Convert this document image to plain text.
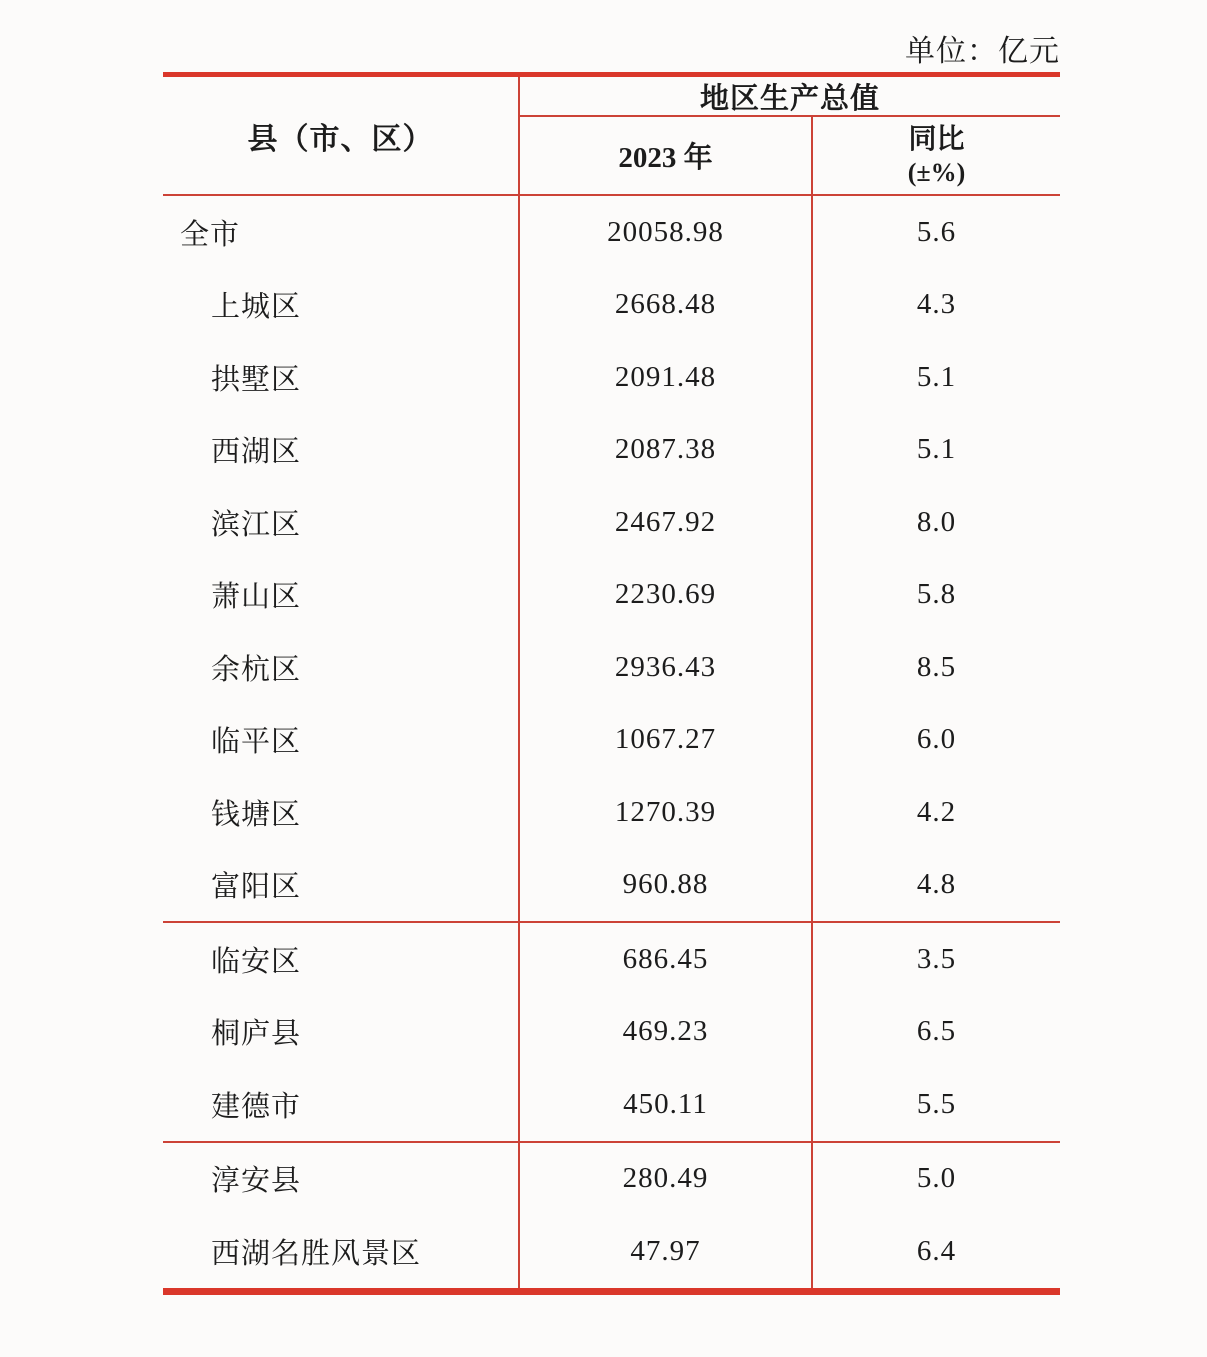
单位：亿元
县（市、区）
地区生产总值
2023 年
同比
(±%)
全市	20058.98	5.6
上城区	2668.48	4.3
拱墅区	2091.48	5.1
西湖区	2087.38	5.1
滨江区	2467.92	8.0
萧山区	2230.69	5.8
余杭区	2936.43	8.5
临平区	1067.27	6.0
钱塘区	1270.39	4.2
富阳区	960.88	4.8
临安区	686.45	3.5
桐庐县	469.23	6.5
建德市	450.11	5.5
淳安县	280.49	5.0
西湖名胜风景区	47.97	6.4
